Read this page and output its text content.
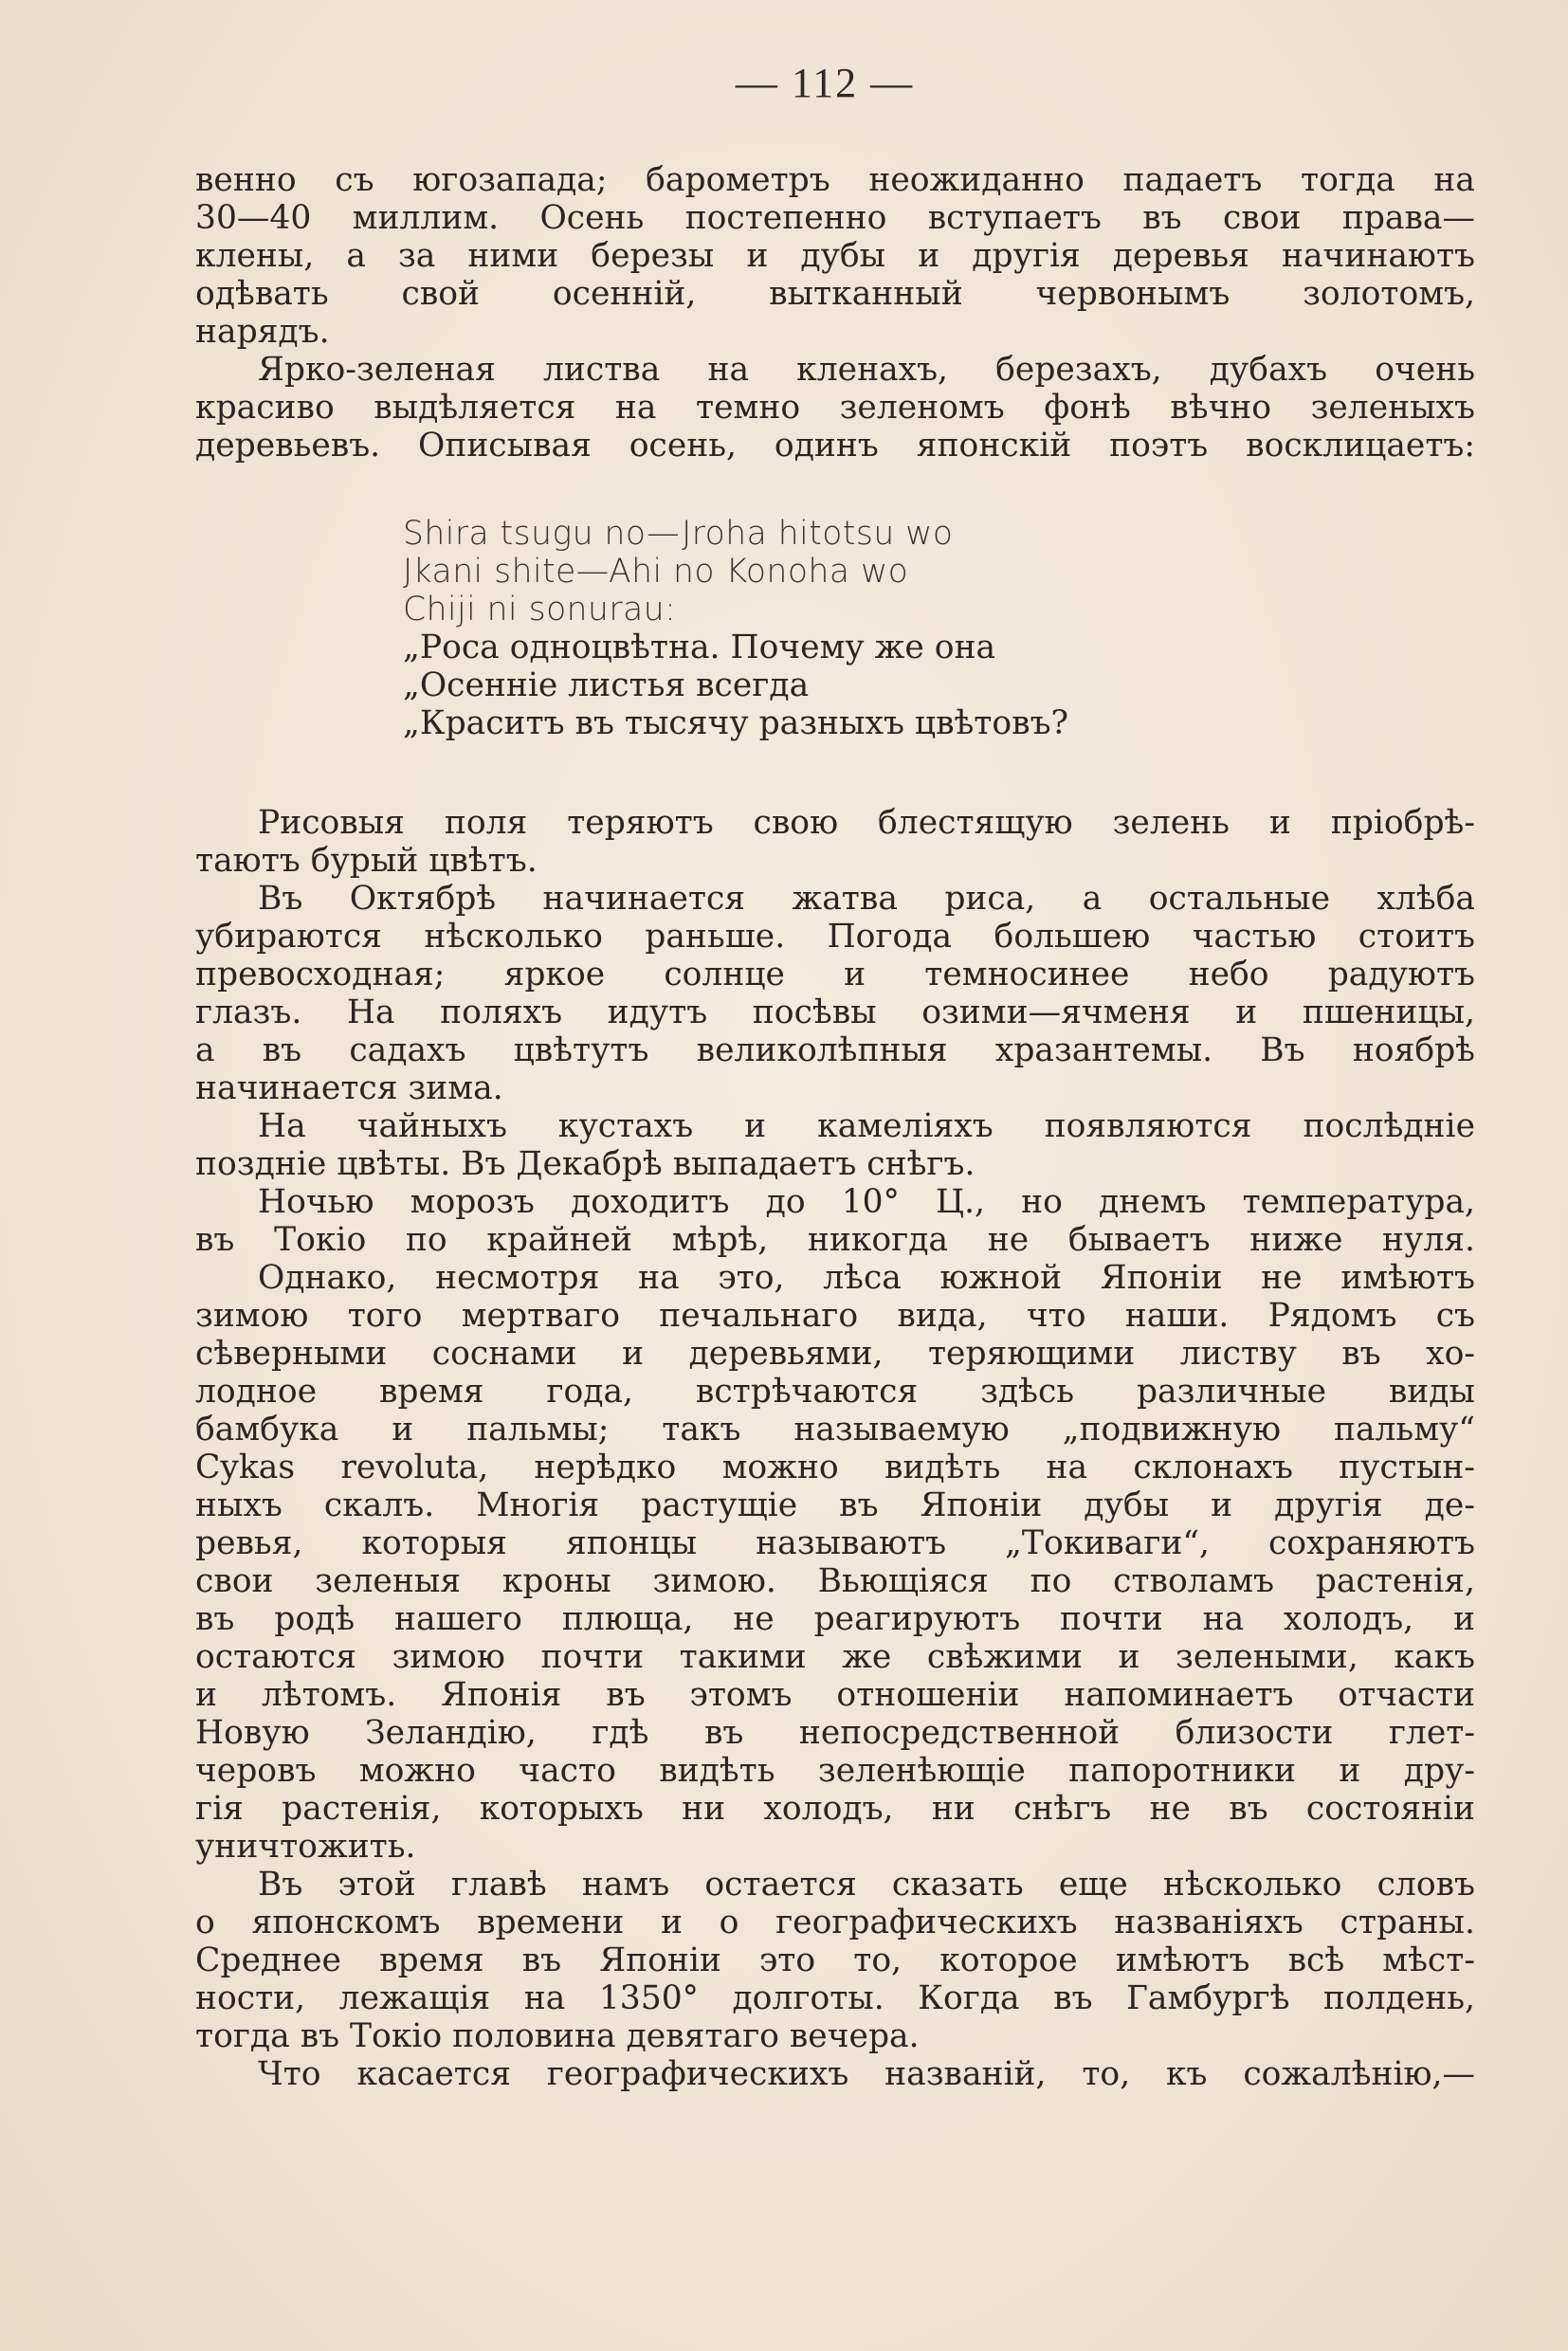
— 112 —
венно съ югозапада; барометръ неожиданно падаетъ тогда на
30—40 миллим. Осень постепенно вступаетъ въ свои права—
клены, а за ними березы и дубы и другія деревья начинаютъ
одѣвать свой осенній, вытканный червонымъ золотомъ,
нарядъ.
Ярко-зеленая листва на кленахъ, березахъ, дубахъ очень
красиво выдѣляется на темно зеленомъ фонѣ вѣчно зеленыхъ
деревьевъ. Описывая осень, одинъ японскій поэтъ восклицаетъ:
Shira tsugu no—Jroha hitotsu wo
Jkani shite—Ahi no Konoha wo
Chiji ni sonurau:
„Роса одноцвѣтна. Почему же она
„Осенніе листья всегда
„Краситъ въ тысячу разныхъ цвѣтовъ?
Рисовыя поля теряютъ свою блестящую зелень и пріобрѣ-
таютъ бурый цвѣтъ.
Въ Октябрѣ начинается жатва риса, а остальные хлѣба
убираются нѣсколько раньше. Погода большею частью стоитъ
превосходная; яркое солнце и темносинее небо радуютъ
глазъ. На поляхъ идутъ посѣвы озими—ячменя и пшеницы,
а въ садахъ цвѣтутъ великолѣпныя хразантемы. Въ ноябрѣ
начинается зима.
На чайныхъ кустахъ и камеліяхъ появляются послѣдніе
поздніе цвѣты. Въ Декабрѣ выпадаетъ снѣгъ.
Ночью морозъ доходитъ до 10° Ц., но днемъ температура,
въ Токіо по крайней мѣрѣ, никогда не бываетъ ниже нуля.
Однако, несмотря на это, лѣса южной Японіи не имѣютъ
зимою того мертваго печальнаго вида, что наши. Рядомъ съ
сѣверными соснами и деревьями, теряющими листву въ хо-
лодное время года, встрѣчаются здѣсь различные виды
бамбука и пальмы; такъ называемую „подвижную пальму“
Cykas revoluta, нерѣдко можно видѣть на склонахъ пустын-
ныхъ скалъ. Многія растущіе въ Японіи дубы и другія де-
ревья, которыя японцы называютъ „Токиваги“, сохраняютъ
свои зеленыя кроны зимою. Вьющіяся по стволамъ растенія,
въ родѣ нашего плюща, не реагируютъ почти на холодъ, и
остаются зимою почти такими же свѣжими и зелеными, какъ
и лѣтомъ. Японія въ этомъ отношеніи напоминаетъ отчасти
Новую Зеландію, гдѣ въ непосредственной близости глет-
черовъ можно часто видѣть зеленѣющіе папоротники и дру-
гія растенія, которыхъ ни холодъ, ни снѣгъ не въ состояніи
уничтожить.
Въ этой главѣ намъ остается сказать еще нѣсколько словъ
о японскомъ времени и о географическихъ названіяхъ страны.
Среднее время въ Японіи это то, которое имѣютъ всѣ мѣст-
ности, лежащія на 1350° долготы. Когда въ Гамбургѣ полдень,
тогда въ Токіо половина девятаго вечера.
Что касается географическихъ названій, то, къ сожалѣнію,—
